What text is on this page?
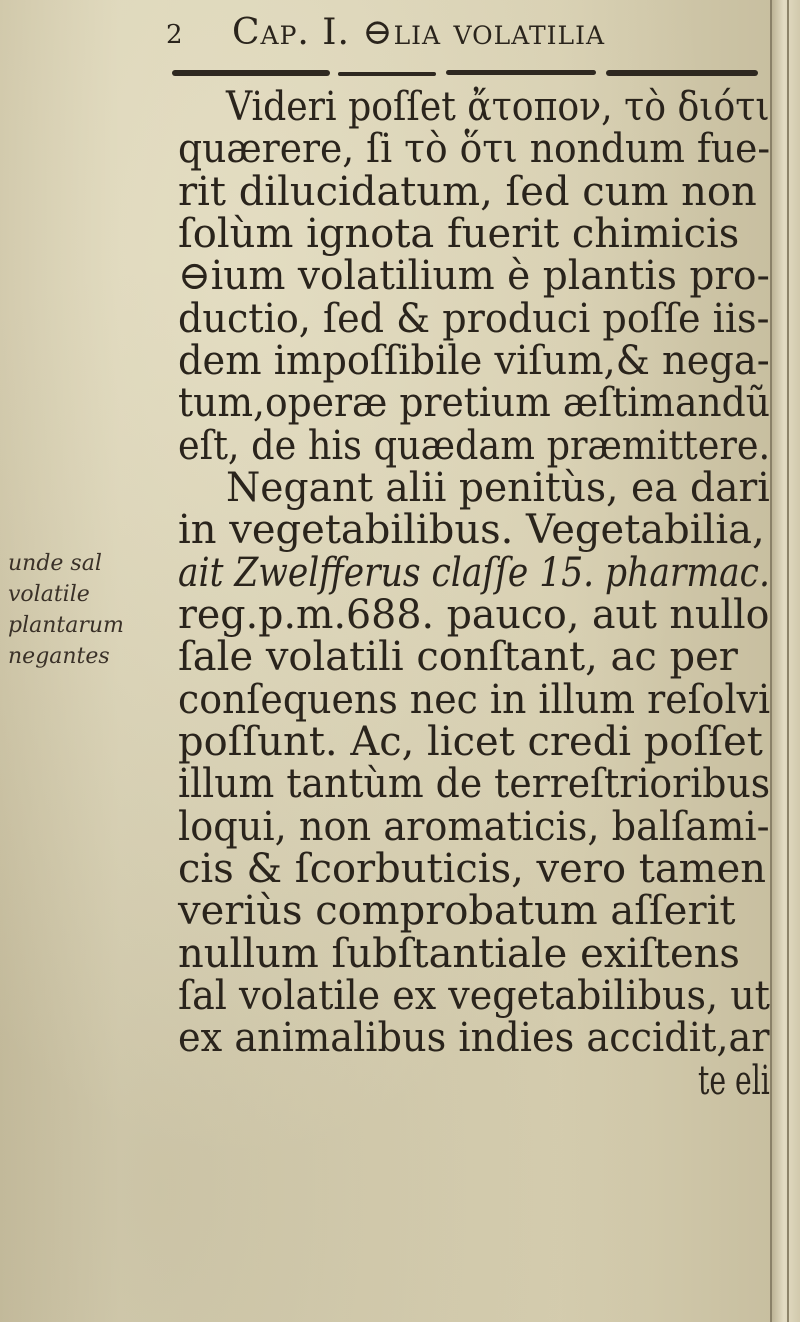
2 Cap. I. ⊖lia volatilia
unde sal
volatile
plantarum
negantes
Videri poſſet ἄτοπον, τὸ διότι
quærere, ſi τὸ ὅτι nondum fue-
rit dilucidatum, ſed cum non
ſolùm ignota fuerit chimicis
⊖ium volatilium è plantis pro-
ductio, ſed & produci poſſe iis-
dem impoſſibile viſum,& nega-
tum,operæ pretium æſtimandũ
eſt, de his quædam præmittere.
Negant alii penitùs, ea dari
in vegetabilibus. Vegetabilia,
ait Zwelfferus claſſe 15. pharmac.
reg.p.m.688. pauco, aut nullo
ſale volatili conſtant, ac per
conſequens nec in illum reſolvi
poſſunt. Ac, licet credi poſſet
illum tantùm de terreſtrioribus
loqui, non aromaticis, balſami-
cis & ſcorbuticis, vero tamen
veriùs comprobatum aſſerit
nullum ſubſtantiale exiſtens
ſal volatile ex vegetabilibus, ut
ex animalibus indies accidit,ar
te eli
